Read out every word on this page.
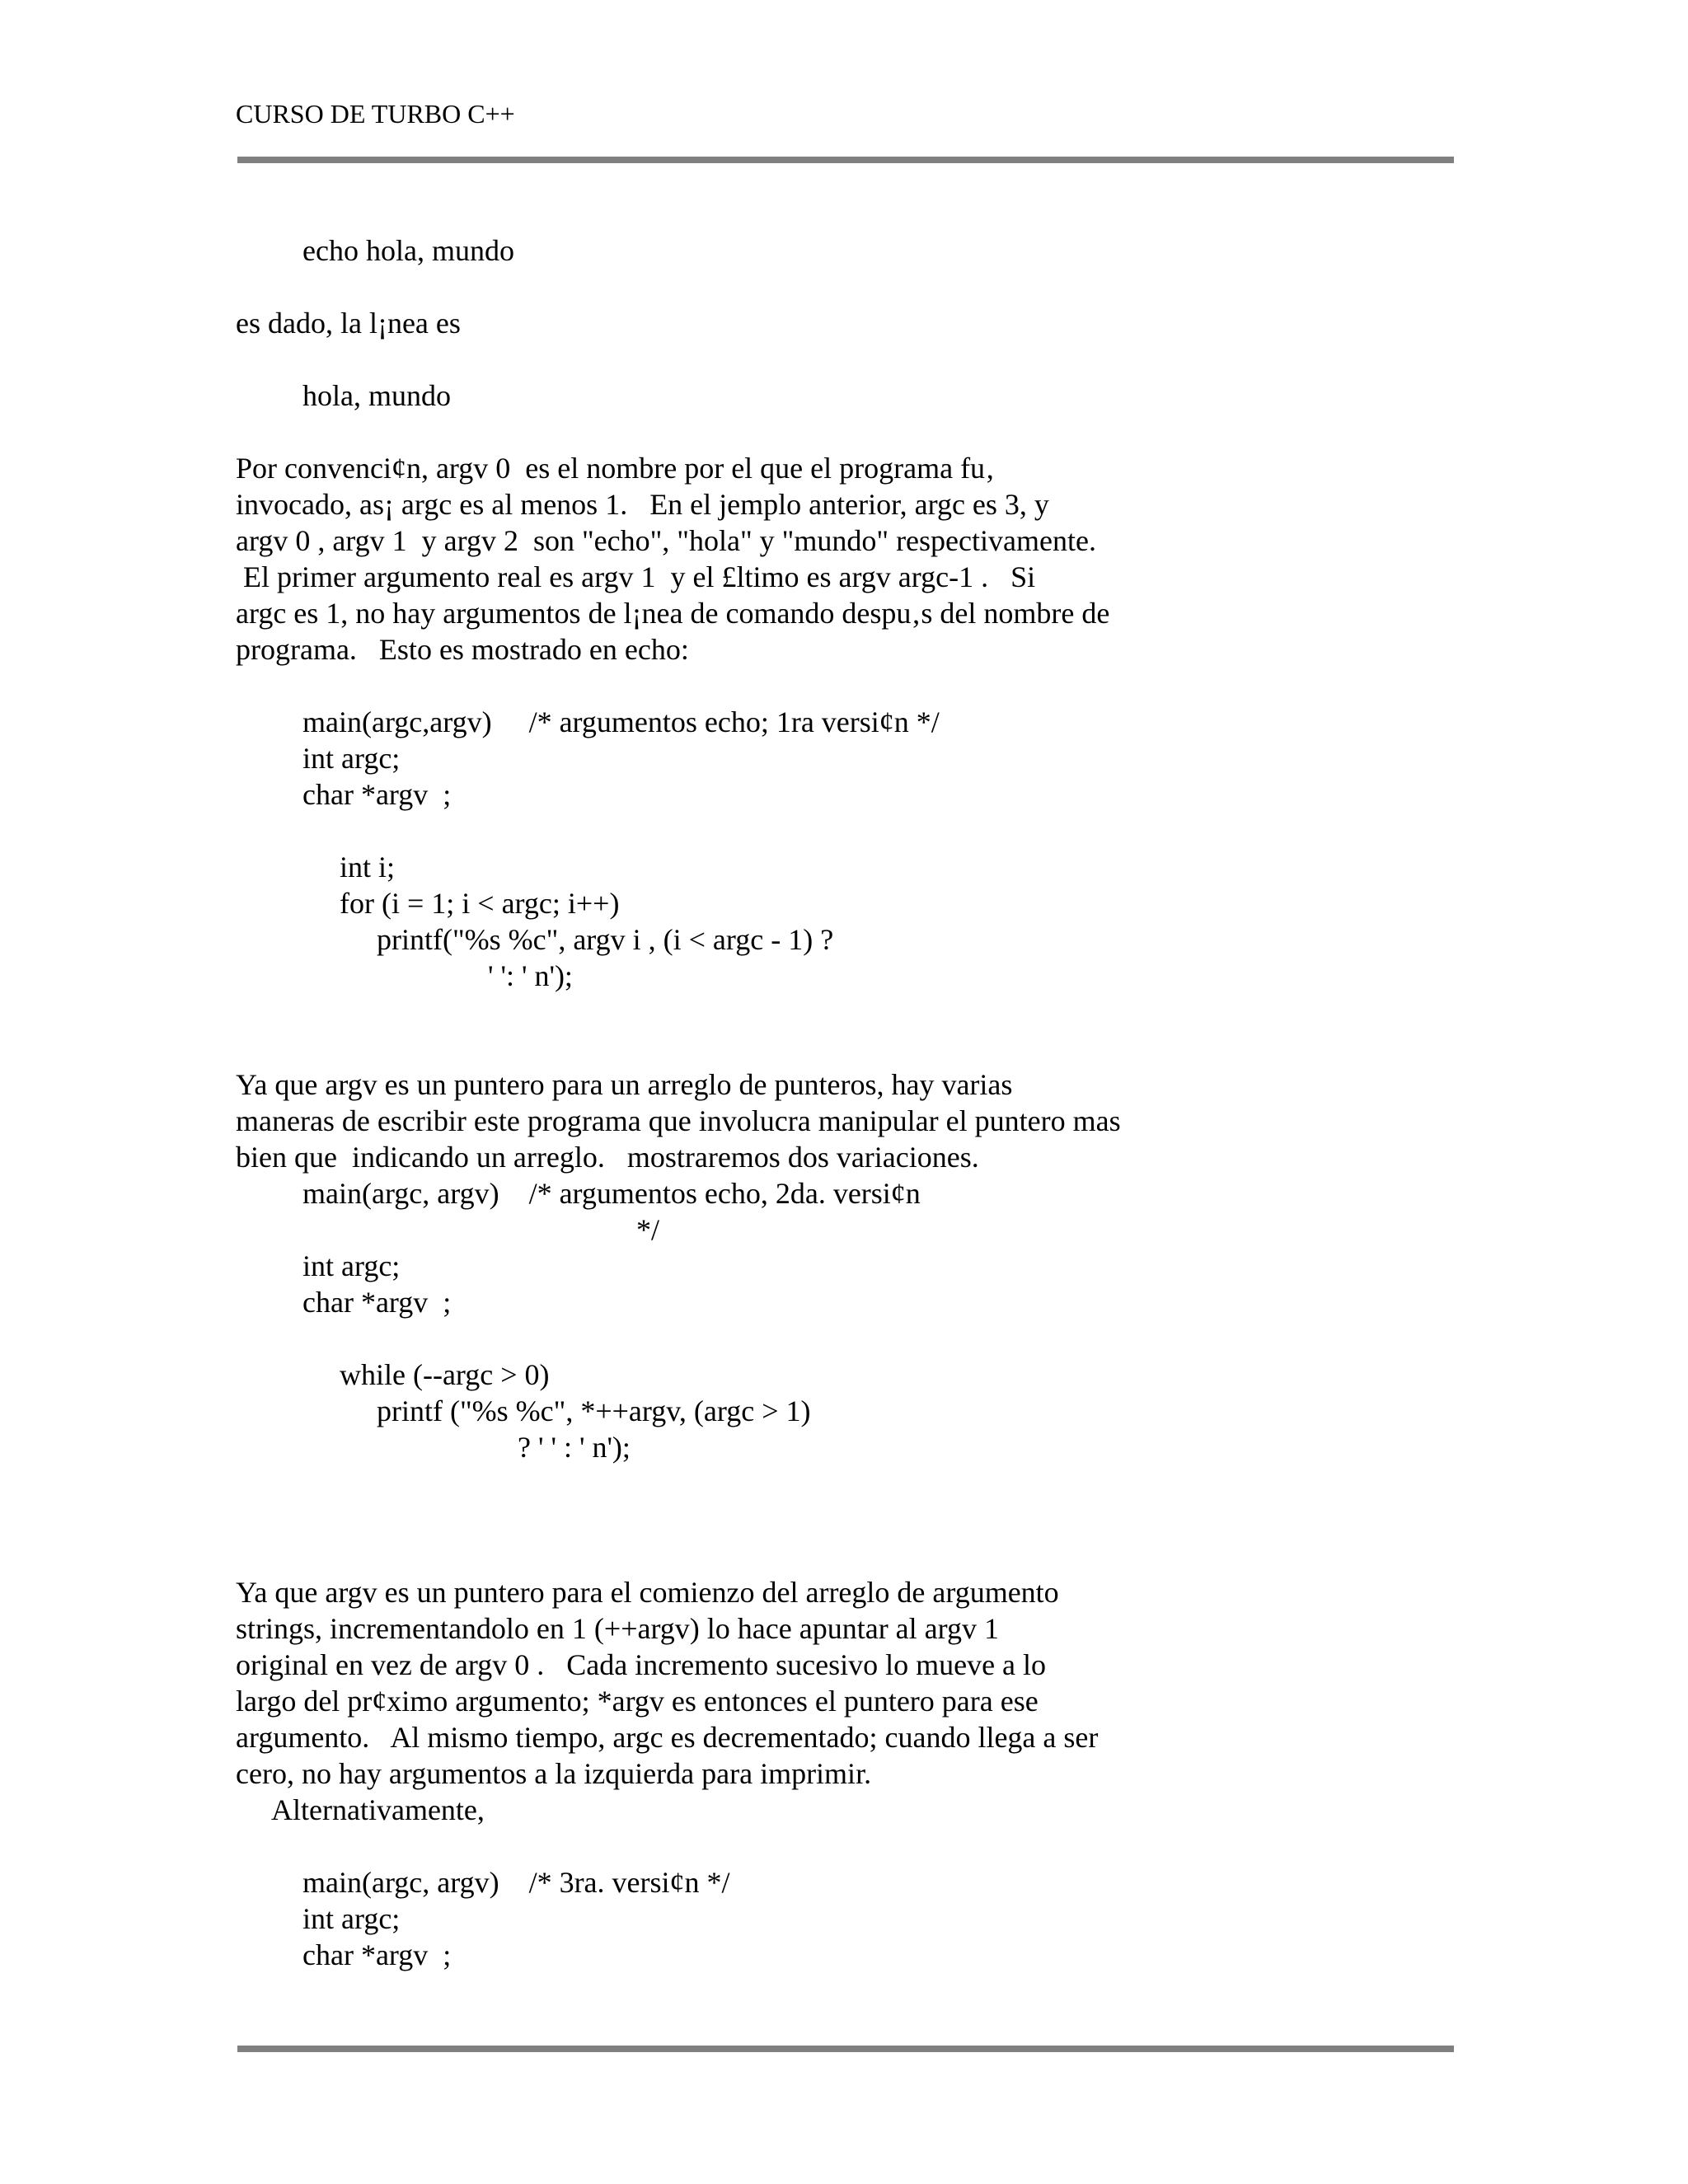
CURSO DE TURBO C++

echo hola, mundo

es dado, la l¡nea es

hola, mundo

Por convenci¢n, argv 0  es el nombre por el que el programa fu‚

invocado, as¡ argc es al menos 1.   En el jemplo anterior, argc es 3, y

argv 0 , argv 1  y argv 2  son "echo", "hola" y "mundo" respectivamente.

El primer argumento real es argv 1  y el £ltimo es argv argc-1 .   Si

argc es 1, no hay argumentos de l¡nea de comando despu‚s del nombre de

programa.   Esto es mostrado en echo:

main(argc,argv)     /* argumentos echo; 1ra versi¢n */

int argc;

char *argv  ;

int i;

for (i = 1; i < argc; i++)

printf("%s %c", argv i , (i < argc - 1) ?

' ': ' n');

Ya que argv es un puntero para un arreglo de punteros, hay varias

maneras de escribir este programa que involucra manipular el puntero mas

bien que  indicando un arreglo.   mostraremos dos variaciones.

main(argc, argv)    /* argumentos echo, 2da. versi¢n

*/

int argc;

char *argv  ;

while (--argc > 0)

printf ("%s %c", *++argv, (argc > 1)

? ' ' : ' n');

Ya que argv es un puntero para el comienzo del arreglo de argumento

strings, incrementandolo en 1 (++argv) lo hace apuntar al argv 1

original en vez de argv 0 .   Cada incremento sucesivo lo mueve a lo

largo del pr¢ximo argumento; *argv es entonces el puntero para ese

argumento.   Al mismo tiempo, argc es decrementado; cuando llega a ser

cero, no hay argumentos a la izquierda para imprimir.

Alternativamente,

main(argc, argv)    /* 3ra. versi¢n */

int argc;

char *argv  ;
